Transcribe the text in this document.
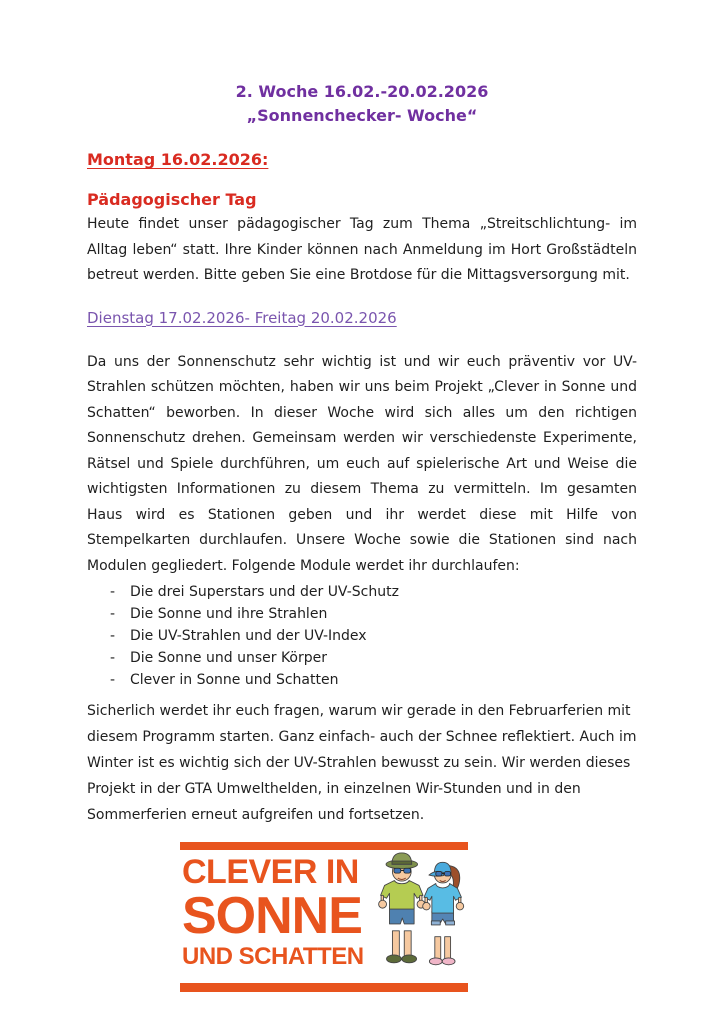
2. Woche 16.02.-20.02.2026
„Sonnenchecker- Woche“
Montag 16.02.2026:
Pädagogischer Tag
Heute findet unser pädagogischer Tag zum Thema „Streitschlichtung- im Alltag leben“ statt. Ihre Kinder können nach Anmeldung im Hort Großstädteln betreut werden. Bitte geben Sie eine Brotdose für die Mittagsversorgung mit.
Dienstag 17.02.2026- Freitag 20.02.2026
Da uns der Sonnenschutz sehr wichtig ist und wir euch präventiv vor UV- Strahlen schützen möchten, haben wir uns beim Projekt „Clever in Sonne und Schatten“ beworben. In dieser Woche wird sich alles um den richtigen Sonnenschutz drehen. Gemeinsam werden wir verschiedenste Experimente, Rätsel und Spiele durchführen, um euch auf spielerische Art und Weise die wichtigsten Informationen zu diesem Thema zu vermitteln. Im gesamten Haus wird es Stationen geben und ihr werdet diese mit Hilfe von Stempelkarten durchlaufen. Unsere Woche sowie die Stationen sind nach Modulen gegliedert. Folgende Module werdet ihr durchlaufen:
-	Die drei Superstars und der UV-Schutz
-	Die Sonne und ihre Strahlen
-	Die UV-Strahlen und der UV-Index
-	Die Sonne und unser Körper
-	Clever in Sonne und Schatten
Sicherlich werdet ihr euch fragen, warum wir gerade in den Februarferien mit diesem Programm starten. Ganz einfach- auch der Schnee reflektiert. Auch im Winter ist es wichtig sich der UV-Strahlen bewusst zu sein. Wir werden dieses Projekt in der GTA Umwelthelden, in einzelnen Wir-Stunden und in den Sommerferien erneut aufgreifen und fortsetzen.
CLEVER IN
SONNE
UND SCHATTEN
